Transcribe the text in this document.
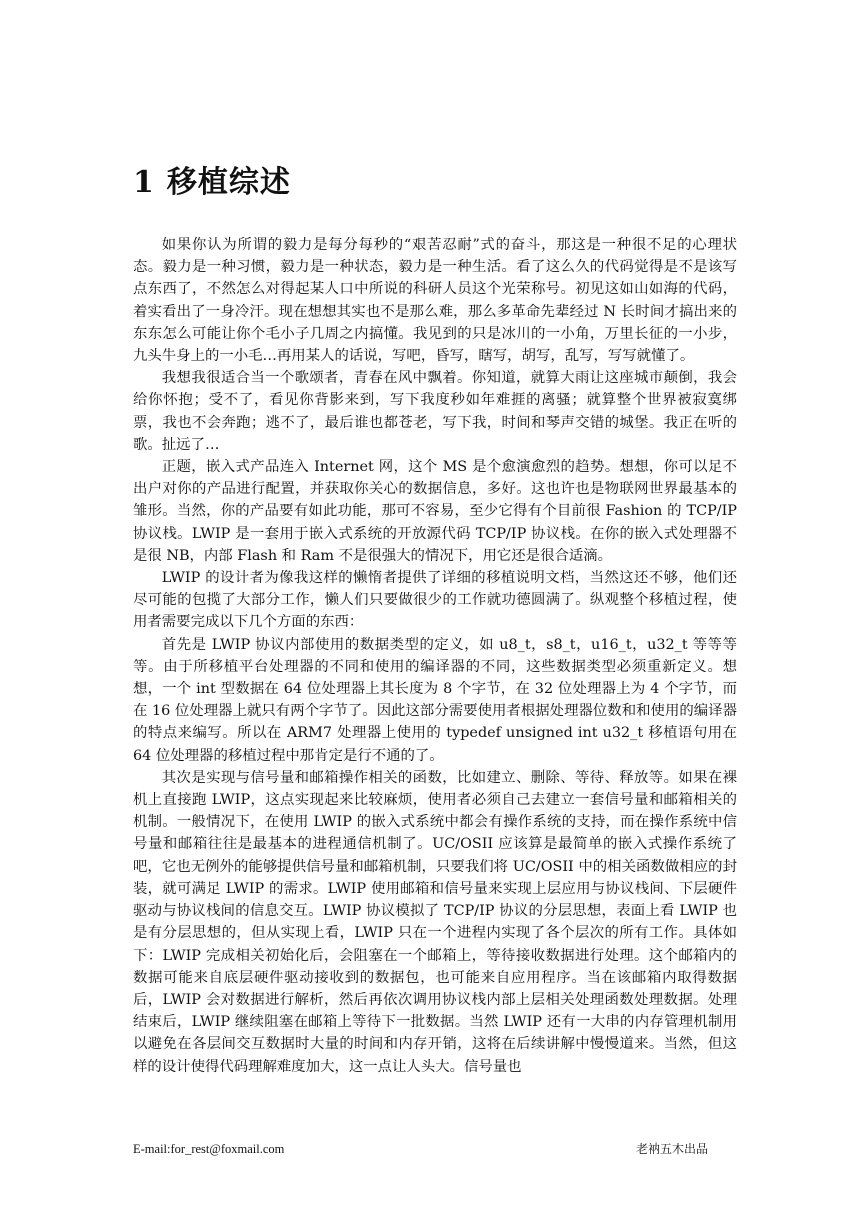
1 移植综述

如果你认为所谓的毅力是每分每秒的“艰苦忍耐”式的奋斗，那这是一种很不足的心理状态。毅力是一种习惯，毅力是一种状态，毅力是一种生活。看了这么久的代码觉得是不是该写点东西了，不然怎么对得起某人口中所说的科研人员这个光荣称号。初见这如山如海的代码，着实看出了一身冷汗。现在想想其实也不是那么难，那么多革命先辈经过 N 长时间才搞出来的东东怎么可能让你个毛小子几周之内搞懂。我见到的只是冰川的一小角，万里长征的一小步，九头牛身上的一小毛…再用某人的话说，写吧，昏写，瞎写，胡写，乱写，写写就懂了。

我想我很适合当一个歌颂者，青春在风中飘着。你知道，就算大雨让这座城市颠倒，我会给你怀抱；受不了，看见你背影来到，写下我度秒如年难捱的离骚；就算整个世界被寂寞绑票，我也不会奔跑；逃不了，最后谁也都苍老，写下我，时间和琴声交错的城堡。我正在听的歌。扯远了…

正题，嵌入式产品连入 Internet 网，这个 MS 是个愈演愈烈的趋势。想想，你可以足不出户对你的产品进行配置，并获取你关心的数据信息，多好。这也许也是物联网世界最基本的雏形。当然，你的产品要有如此功能，那可不容易，至少它得有个目前很 Fashion 的 TCP/IP 协议栈。LWIP 是一套用于嵌入式系统的开放源代码 TCP/IP 协议栈。在你的嵌入式处理器不是很 NB，内部 Flash 和 Ram 不是很强大的情况下，用它还是很合适滴。

LWIP 的设计者为像我这样的懒惰者提供了详细的移植说明文档，当然这还不够，他们还尽可能的包揽了大部分工作，懒人们只要做很少的工作就功德圆满了。纵观整个移植过程，使用者需要完成以下几个方面的东西：

首先是 LWIP 协议内部使用的数据类型的定义，如 u8_t，s8_t，u16_t，u32_t 等等等等。由于所移植平台处理器的不同和使用的编译器的不同，这些数据类型必须重新定义。想想，一个 int 型数据在 64 位处理器上其长度为 8 个字节，在 32 位处理器上为 4 个字节，而在 16 位处理器上就只有两个字节了。因此这部分需要使用者根据处理器位数和和使用的编译器的特点来编写。所以在 ARM7 处理器上使用的 typedef unsigned int u32_t 移植语句用在 64 位处理器的移植过程中那肯定是行不通的了。

其次是实现与信号量和邮箱操作相关的函数，比如建立、删除、等待、释放等。如果在裸机上直接跑 LWIP，这点实现起来比较麻烦，使用者必须自己去建立一套信号量和邮箱相关的机制。一般情况下，在使用 LWIP 的嵌入式系统中都会有操作系统的支持，而在操作系统中信号量和邮箱往往是最基本的进程通信机制了。UC/OSII 应该算是最简单的嵌入式操作系统了吧，它也无例外的能够提供信号量和邮箱机制，只要我们将 UC/OSII 中的相关函数做相应的封装，就可满足 LWIP 的需求。LWIP 使用邮箱和信号量来实现上层应用与协议栈间、下层硬件驱动与协议栈间的信息交互。LWIP 协议模拟了 TCP/IP 协议的分层思想，表面上看 LWIP 也是有分层思想的，但从实现上看，LWIP 只在一个进程内实现了各个层次的所有工作。具体如下：LWIP 完成相关初始化后，会阻塞在一个邮箱上，等待接收数据进行处理。这个邮箱内的数据可能来自底层硬件驱动接收到的数据包，也可能来自应用程序。当在该邮箱内取得数据后，LWIP 会对数据进行解析，然后再依次调用协议栈内部上层相关处理函数处理数据。处理结束后，LWIP 继续阻塞在邮箱上等待下一批数据。当然 LWIP 还有一大串的内存管理机制用以避免在各层间交互数据时大量的时间和内存开销，这将在后续讲解中慢慢道来。当然，但这样的设计使得代码理解难度加大，这一点让人头大。信号量也

E-mail:for_rest@foxmail.com	老衲五木出品
